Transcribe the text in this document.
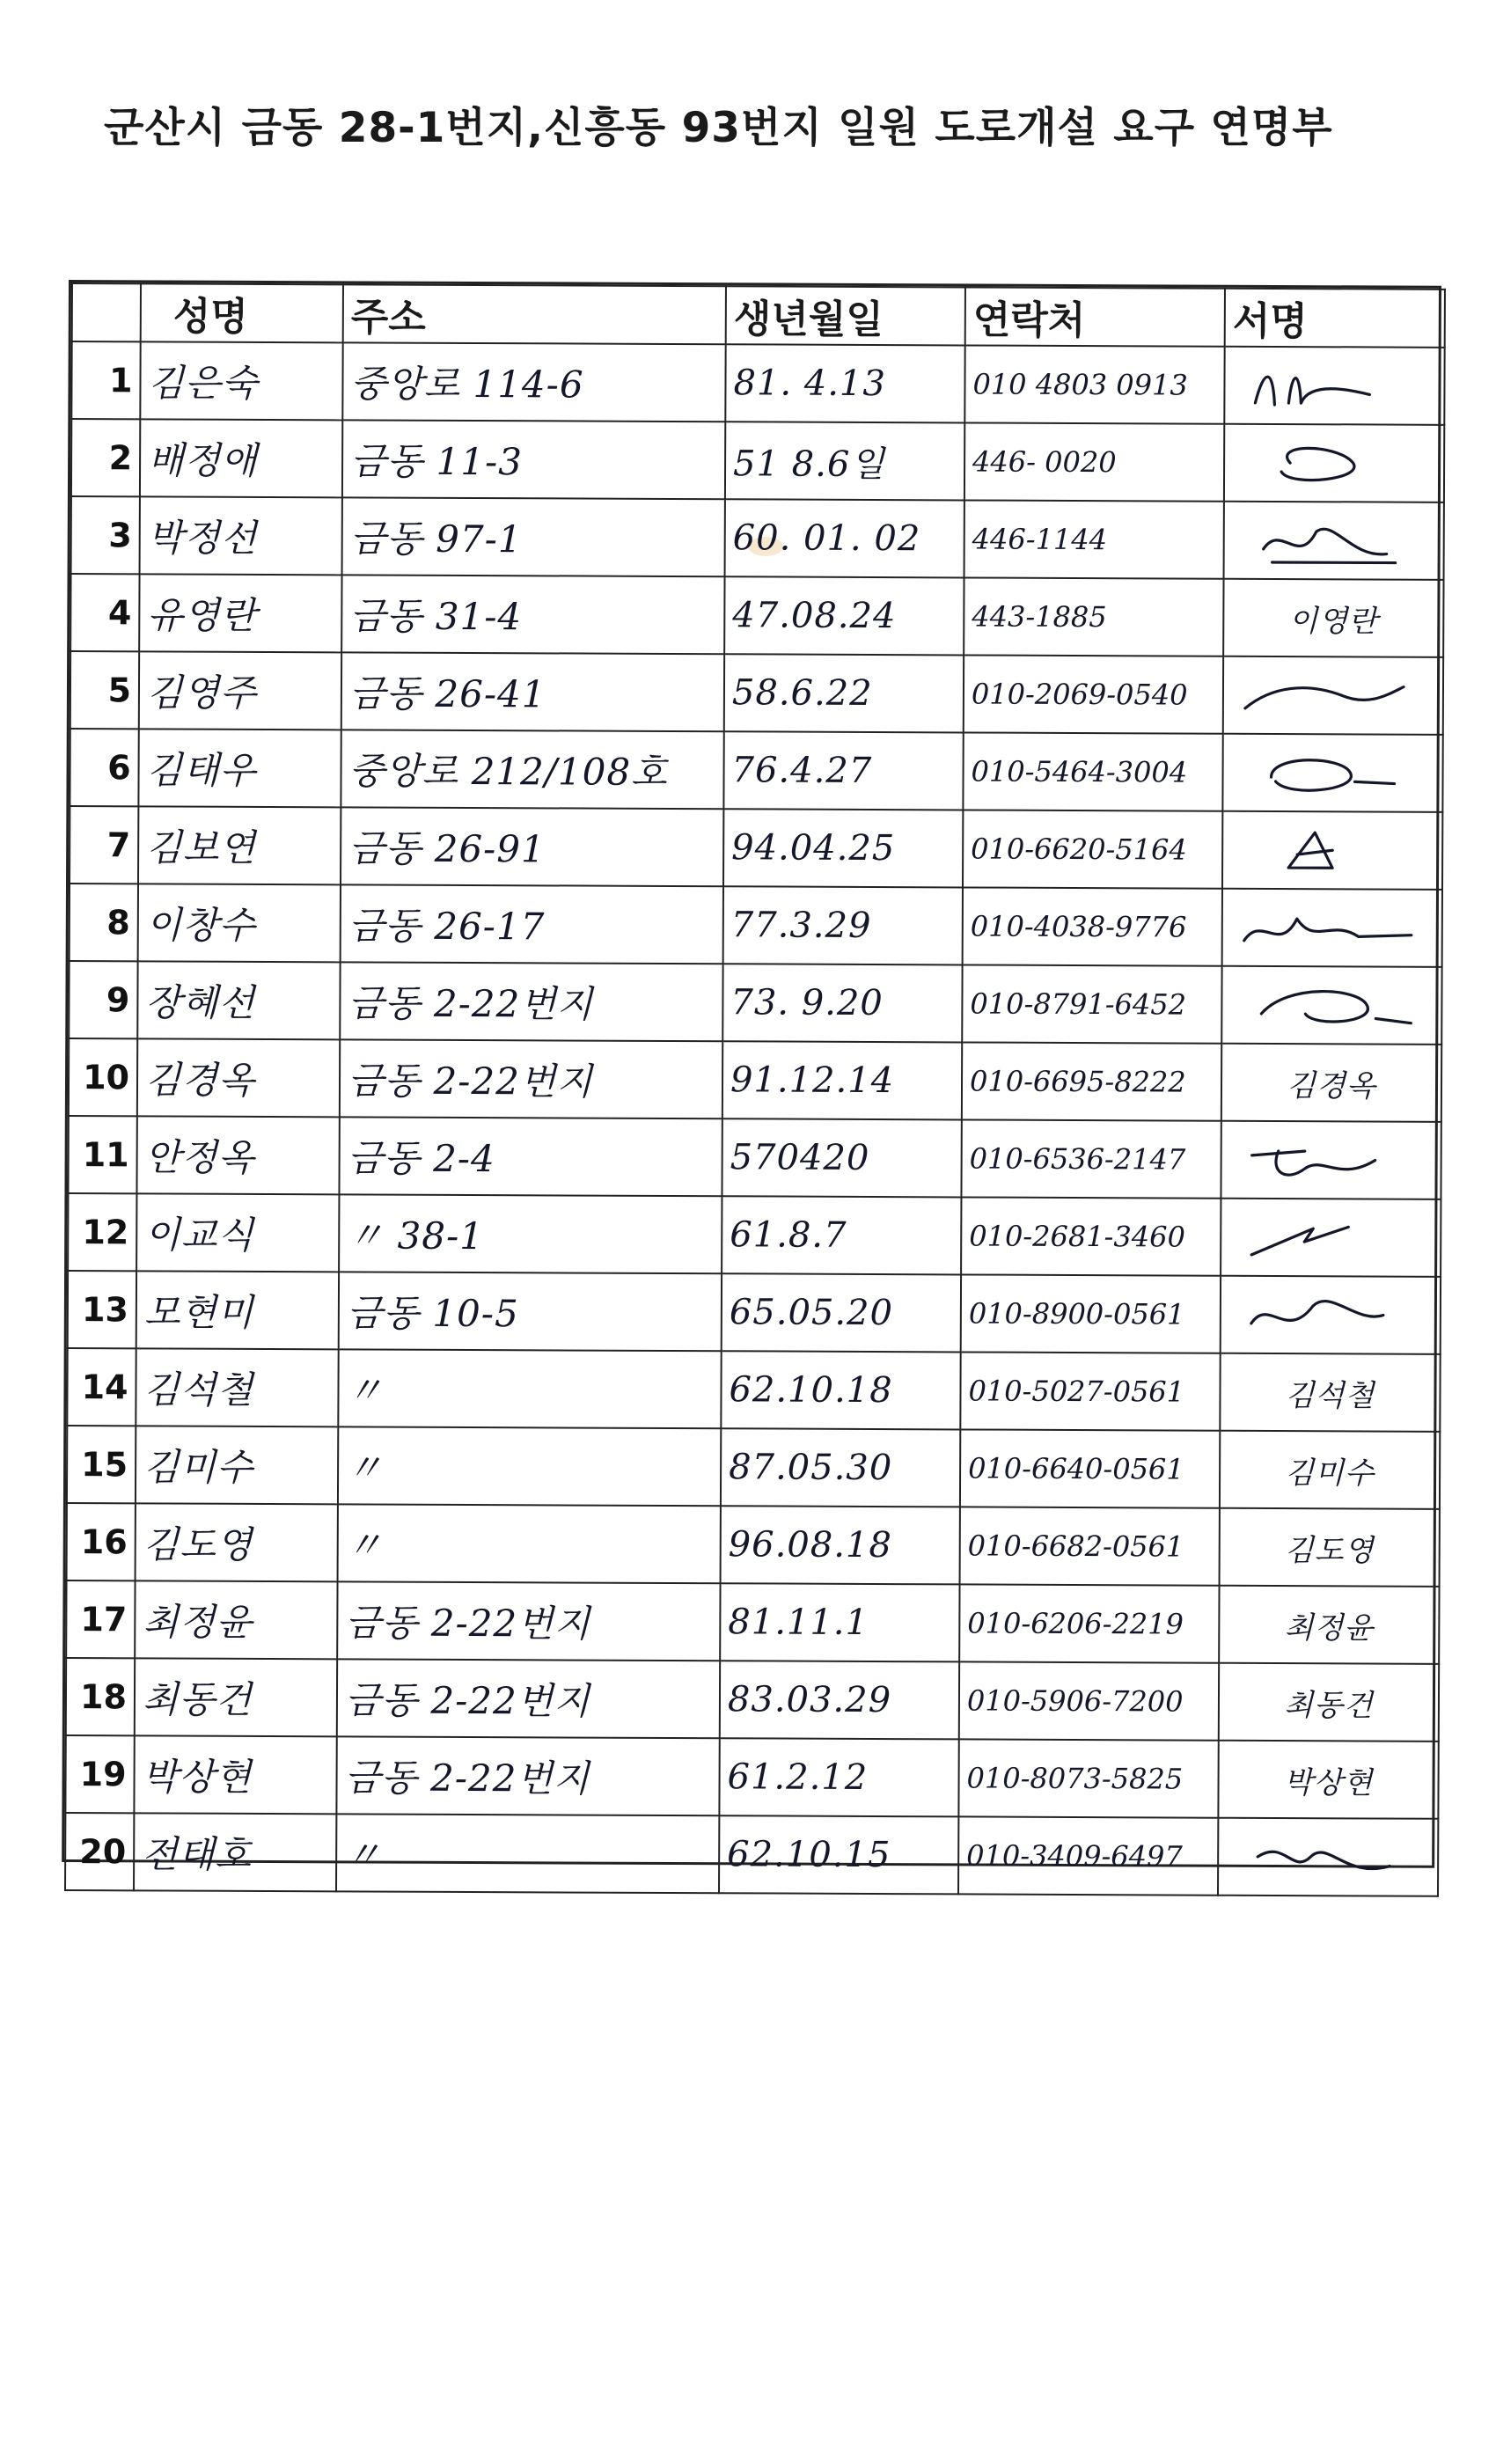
군산시 금동 28-1번지,신흥동 93번지 일원 도로개설 요구 연명부
	성명	주소	생년월일	연락처	서명
1	김은숙	중앙로 114-6	81. 4.13	010 4803 0913	

2	배정애	금동 11-3	51 8.6일	446- 0020	

3	박정선	금동 97-1	60. 01. 02	446-1144	

4	유영란	금동 31-4	47.08.24	443-1885	이영란
5	김영주	금동 26-41	58.6.22	010-2069-0540	

6	김태우	중앙로 212/108호	76.4.27	010-5464-3004	

7	김보연	금동 26-91	94.04.25	010-6620-5164	

8	이창수	금동 26-17	77.3.29	010-4038-9776	

9	장혜선	금동 2-22번지	73. 9.20	010-8791-6452	

10	김경옥	금동 2-22번지	91.12.14	010-6695-8222	김경옥
11	안정옥	금동 2-4	570420	010-6536-2147	

12	이교식	〃 38-1	61.8.7	010-2681-3460	

13	모현미	금동 10-5	65.05.20	010-8900-0561	

14	김석철	〃	62.10.18	010-5027-0561	김석철
15	김미수	〃	87.05.30	010-6640-0561	김미수
16	김도영	〃	96.08.18	010-6682-0561	김도영
17	최정윤	금동 2-22번지	81.11.1	010-6206-2219	최정윤
18	최동건	금동 2-22번지	83.03.29	010-5906-7200	최동건
19	박상현	금동 2-22번지	61.2.12	010-8073-5825	박상현
20	전태호	〃	62.10.15	010-3409-6497	
